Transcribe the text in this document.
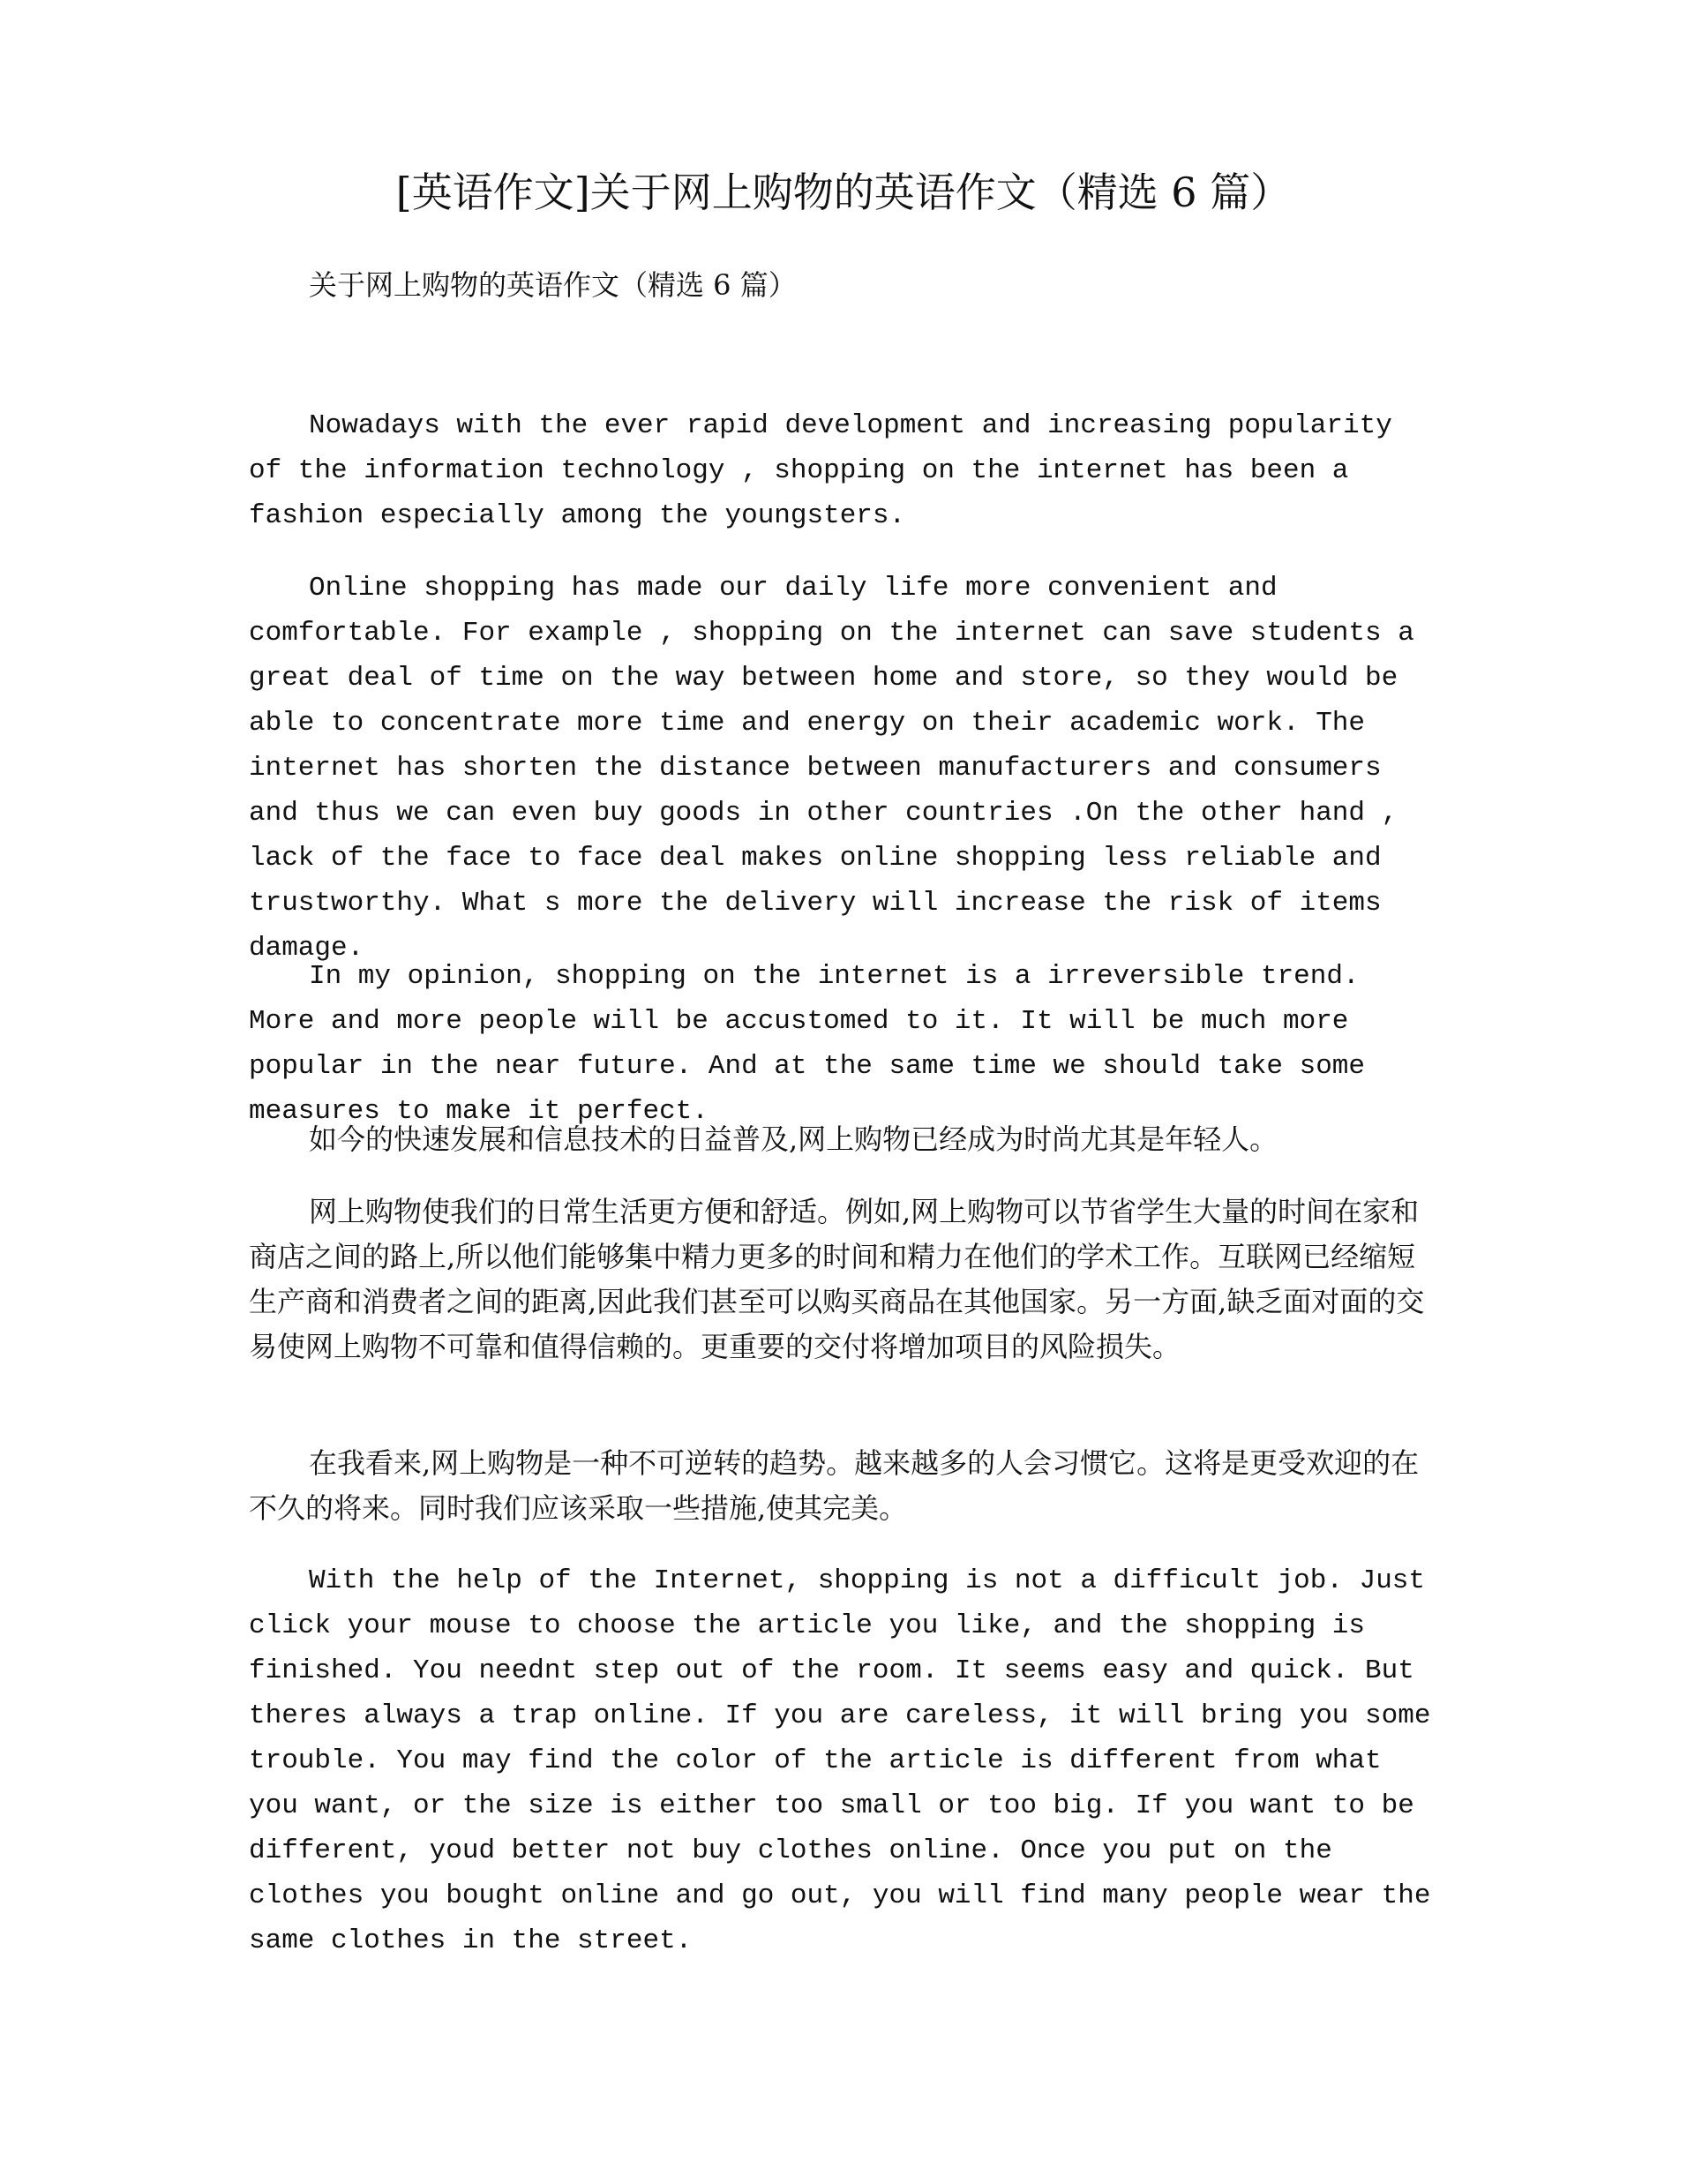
[英语作文]关于网上购物的英语作文（精选 6 篇）
关于网上购物的英语作文（精选 6 篇）

Nowadays with the ever rapid development and increasing popularity of the information technology , shopping on the internet has been a fashion especially among the youngsters.

Online shopping has made our daily life more convenient and comfortable. For example , shopping on the internet can save students a great deal of time on the way between home and store, so they would be able to concentrate more time and energy on their academic work. The internet has shorten the distance between manufacturers and consumers and thus we can even buy goods in other countries .On the other hand , lack of the face to face deal makes online shopping less reliable and trustworthy. What s more the delivery will increase the risk of items damage.

In my opinion, shopping on the internet is a irreversible trend. More and more people will be accustomed to it. It will be much more popular in the near future. And at the same time we should take some measures to make it perfect.

如今的快速发展和信息技术的日益普及,网上购物已经成为时尚尤其是年轻人。

网上购物使我们的日常生活更方便和舒适。例如,网上购物可以节省学生大量的时间在家和商店之间的路上,所以他们能够集中精力更多的时间和精力在他们的学术工作。互联网已经缩短生产商和消费者之间的距离,因此我们甚至可以购买商品在其他国家。另一方面,缺乏面对面的交易使网上购物不可靠和值得信赖的。更重要的交付将增加项目的风险损失。

在我看来,网上购物是一种不可逆转的趋势。越来越多的人会习惯它。这将是更受欢迎的在不久的将来。同时我们应该采取一些措施,使其完美。

With the help of the Internet, shopping is not a difficult job. Just click your mouse to choose the article you like, and the shopping is finished. You neednt step out of the room. It seems easy and quick. But theres always a trap online. If you are careless, it will bring you some trouble. You may find the color of the article is different from what you want, or the size is either too small or too big. If you want to be different, youd better not buy clothes online. Once you put on the clothes you bought online and go out, you will find many people wear the same clothes in the street.
